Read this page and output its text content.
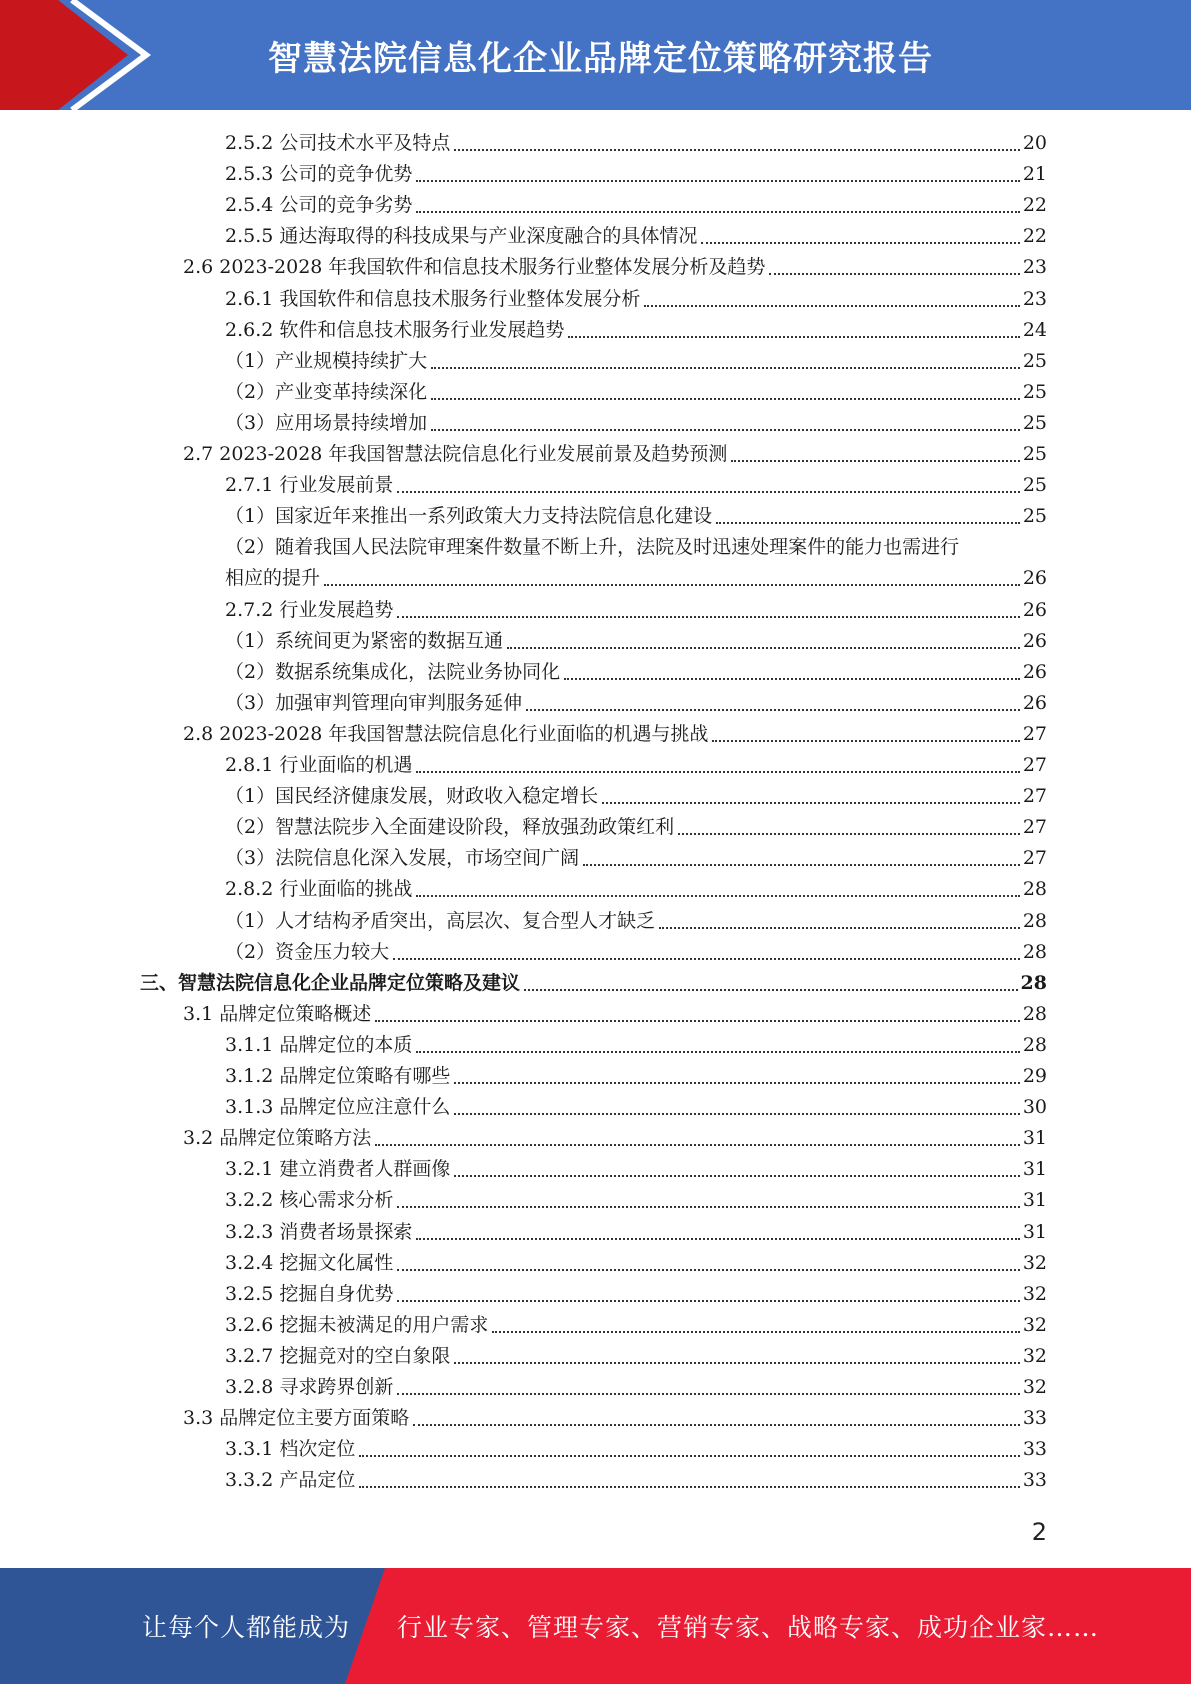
智慧法院信息化企业品牌定位策略研究报告
2.5.2 公司技术水平及特点	20
2.5.3 公司的竞争优势	21
2.5.4 公司的竞争劣势	22
2.5.5 通达海取得的科技成果与产业深度融合的具体情况	22
2.6 2023-2028 年我国软件和信息技术服务行业整体发展分析及趋势	23
2.6.1 我国软件和信息技术服务行业整体发展分析	23
2.6.2 软件和信息技术服务行业发展趋势	24
（1）产业规模持续扩大	25
（2）产业变革持续深化	25
（3）应用场景持续增加	25
2.7 2023-2028 年我国智慧法院信息化行业发展前景及趋势预测	25
2.7.1 行业发展前景	25
（1）国家近年来推出一系列政策大力支持法院信息化建设	25
（2）随着我国人民法院审理案件数量不断上升，法院及时迅速处理案件的能力也需进行
相应的提升	26
2.7.2 行业发展趋势	26
（1）系统间更为紧密的数据互通	26
（2）数据系统集成化，法院业务协同化	26
（3）加强审判管理向审判服务延伸	26
2.8 2023-2028 年我国智慧法院信息化行业面临的机遇与挑战	27
2.8.1 行业面临的机遇	27
（1）国民经济健康发展，财政收入稳定增长	27
（2）智慧法院步入全面建设阶段，释放强劲政策红利	27
（3）法院信息化深入发展，市场空间广阔	27
2.8.2 行业面临的挑战	28
（1）人才结构矛盾突出，高层次、复合型人才缺乏	28
（2）资金压力较大	28
三、智慧法院信息化企业品牌定位策略及建议	28
3.1 品牌定位策略概述	28
3.1.1 品牌定位的本质	28
3.1.2 品牌定位策略有哪些	29
3.1.3 品牌定位应注意什么	30
3.2 品牌定位策略方法	31
3.2.1 建立消费者人群画像	31
3.2.2 核心需求分析	31
3.2.3 消费者场景探索	31
3.2.4 挖掘文化属性	32
3.2.5 挖掘自身优势	32
3.2.6 挖掘未被满足的用户需求	32
3.2.7 挖掘竞对的空白象限	32
3.2.8 寻求跨界创新	32
3.3 品牌定位主要方面策略	33
3.3.1 档次定位	33
3.3.2 产品定位	33
2
让每个人都能成为 行业专家、管理专家、营销专家、战略专家、成功企业家……
